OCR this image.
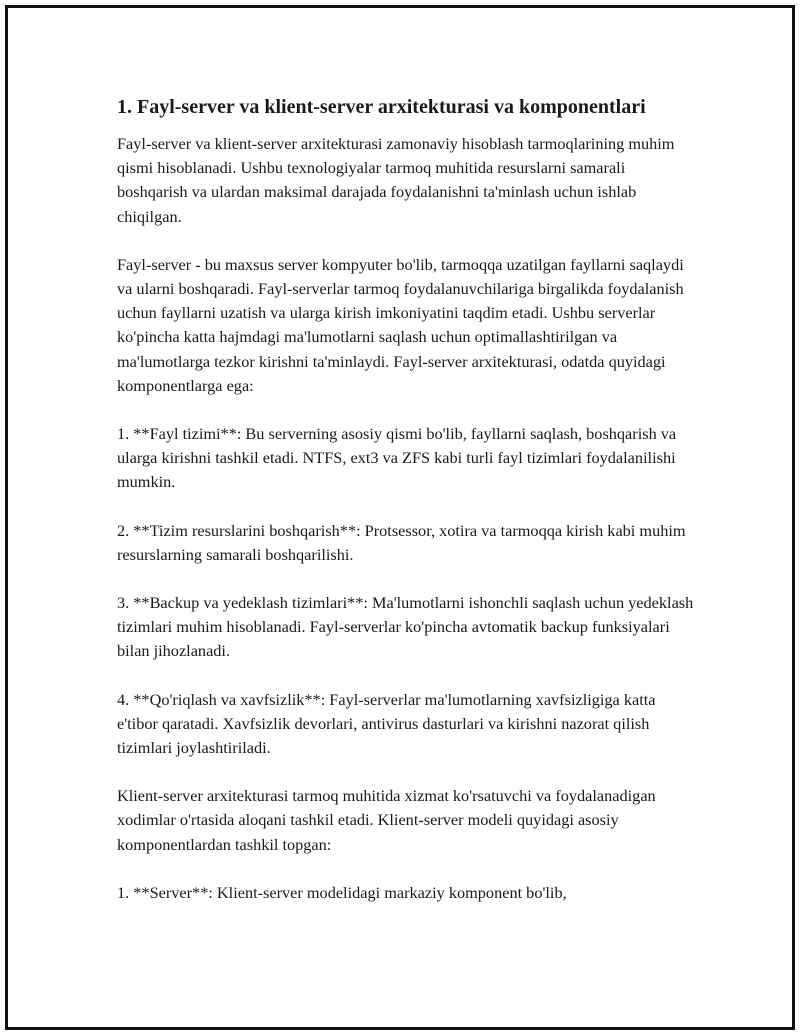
1. Fayl-server va klient-server arxitekturasi va komponentlari

Fayl-server va klient-server arxitekturasi zamonaviy hisoblash tarmoqlarining muhim qismi hisoblanadi. Ushbu texnologiyalar tarmoq muhitida resurslarni samarali boshqarish va ulardan maksimal darajada foydalanishni ta'minlash uchun ishlab chiqilgan.

Fayl-server - bu maxsus server kompyuter bo'lib, tarmoqqa uzatilgan fayllarni saqlaydi va ularni boshqaradi. Fayl-serverlar tarmoq foydalanuvchilariga birgalikda foydalanish uchun fayllarni uzatish va ularga kirish imkoniyatini taqdim etadi. Ushbu serverlar ko'pincha katta hajmdagi ma'lumotlarni saqlash uchun optimallashtirilgan va ma'lumotlarga tezkor kirishni ta'minlaydi. Fayl-server arxitekturasi, odatda quyidagi komponentlarga ega:

1. **Fayl tizimi**: Bu serverning asosiy qismi bo'lib, fayllarni saqlash, boshqarish va ularga kirishni tashkil etadi. NTFS, ext3 va ZFS kabi turli fayl tizimlari foydalanilishi mumkin.

2. **Tizim resurslarini boshqarish**: Protsessor, xotira va tarmoqqa kirish kabi muhim resurslarning samarali boshqarilishi.

3. **Backup va yedeklash tizimlari**: Ma'lumotlarni ishonchli saqlash uchun yedeklash tizimlari muhim hisoblanadi. Fayl-serverlar ko'pincha avtomatik backup funksiyalari bilan jihozlanadi.

4. **Qo'riqlash va xavfsizlik**: Fayl-serverlar ma'lumotlarning xavfsizligiga katta e'tibor qaratadi. Xavfsizlik devorlari, antivirus dasturlari va kirishni nazorat qilish tizimlari joylashtiriladi.

Klient-server arxitekturasi tarmoq muhitida xizmat ko'rsatuvchi va foydalanadigan xodimlar o'rtasida aloqani tashkil etadi. Klient-server modeli quyidagi asosiy komponentlardan tashkil topgan:

1. **Server**: Klient-server modelidagi markaziy komponent bo'lib,
